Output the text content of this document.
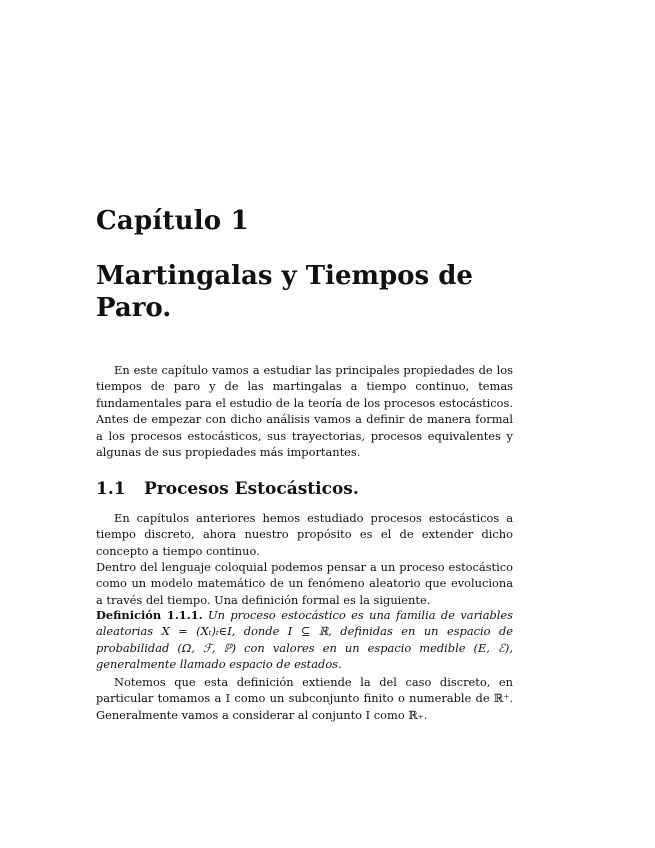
Capítulo 1
Martingalas y Tiempos de
Paro.

En este capítulo vamos a estudiar las principales propiedades de los tiempos de paro y de las martingalas a tiempo continuo, temas fundamentales para el estudio de la teoría de los procesos estocásticos. Antes de empezar con dicho análisis vamos a definir de manera formal a los procesos estocásticos, sus trayectorias, procesos equivalentes y algunas de sus propiedades más importantes.

1.1 Procesos Estocásticos.

En capítulos anteriores hemos estudiado procesos estocásticos a tiempo discreto, ahora nuestro propósito es el de extender dicho concepto a tiempo continuo.

Dentro del lenguaje coloquial podemos pensar a un proceso estocástico como un modelo matemático de un fenómeno aleatorio que evoluciona a través del tiempo. Una definición formal es la siguiente.

Definición 1.1.1. Un proceso estocástico es una familia de variables aleatorias X = (Xₜ)ₜ∈I, donde I ⊆ ℝ, definidas en un espacio de probabilidad (Ω, ℱ, ℙ) con valores en un espacio medible (E, ℰ), generalmente llamado espacio de estados.

Notemos que esta definición extiende la del caso discreto, en particular tomamos a I como un subconjunto finito o numerable de ℝ⁺. Generalmente vamos a considerar al conjunto I como ℝ₊.
